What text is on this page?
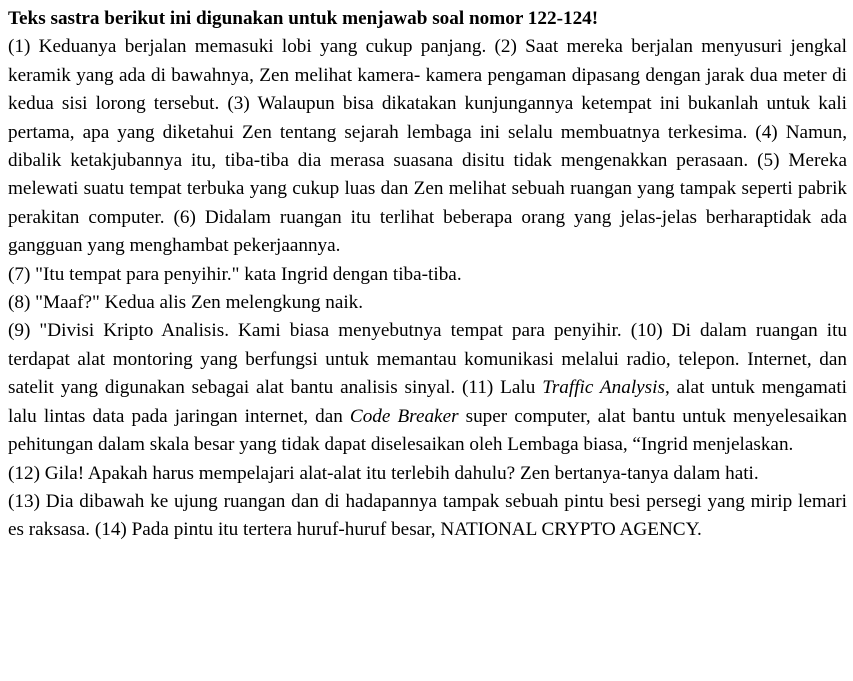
Teks sastra berikut ini digunakan untuk menjawab soal nomor 122-124!

(1) Keduanya berjalan memasuki lobi yang cukup panjang. (2) Saat mereka berjalan menyusuri jengkal keramik yang ada di bawahnya, Zen melihat kamera- kamera pengaman dipasang dengan jarak dua meter di kedua sisi lorong tersebut. (3) Walaupun bisa dikatakan kunjungannya ketempat ini bukanlah untuk kali pertama, apa yang diketahui Zen tentang sejarah lembaga ini selalu membuatnya terkesima. (4) Namun, dibalik ketakjubannya itu, tiba-tiba dia merasa suasana disitu tidak mengenakkan perasaan. (5) Mereka melewati suatu tempat terbuka yang cukup luas dan Zen melihat sebuah ruangan yang tampak seperti pabrik perakitan computer. (6) Didalam ruangan itu terlihat beberapa orang yang jelas-jelas berharaptidak ada gangguan yang menghambat pekerjaannya.

(7) "Itu tempat para penyihir." kata Ingrid dengan tiba-tiba.

(8) "Maaf?" Kedua alis Zen melengkung naik.

(9) "Divisi Kripto Analisis. Kami biasa menyebutnya tempat para penyihir. (10) Di dalam ruangan itu terdapat alat montoring yang berfungsi untuk memantau komunikasi melalui radio, telepon. Internet, dan satelit yang digunakan sebagai alat bantu analisis sinyal. (11) Lalu Traffic Analysis, alat untuk mengamati lalu lintas data pada jaringan internet, dan Code Breaker super computer, alat bantu untuk menyelesaikan pehitungan dalam skala besar yang tidak dapat diselesaikan oleh Lembaga biasa, “Ingrid menjelaskan.

(12) Gila! Apakah harus mempelajari alat-alat itu terlebih dahulu? Zen bertanya-tanya dalam hati.

(13) Dia dibawah ke ujung ruangan dan di hadapannya tampak sebuah pintu besi persegi yang mirip lemari es raksasa. (14) Pada pintu itu tertera huruf-huruf besar, NATIONAL CRYPTO AGENCY.
